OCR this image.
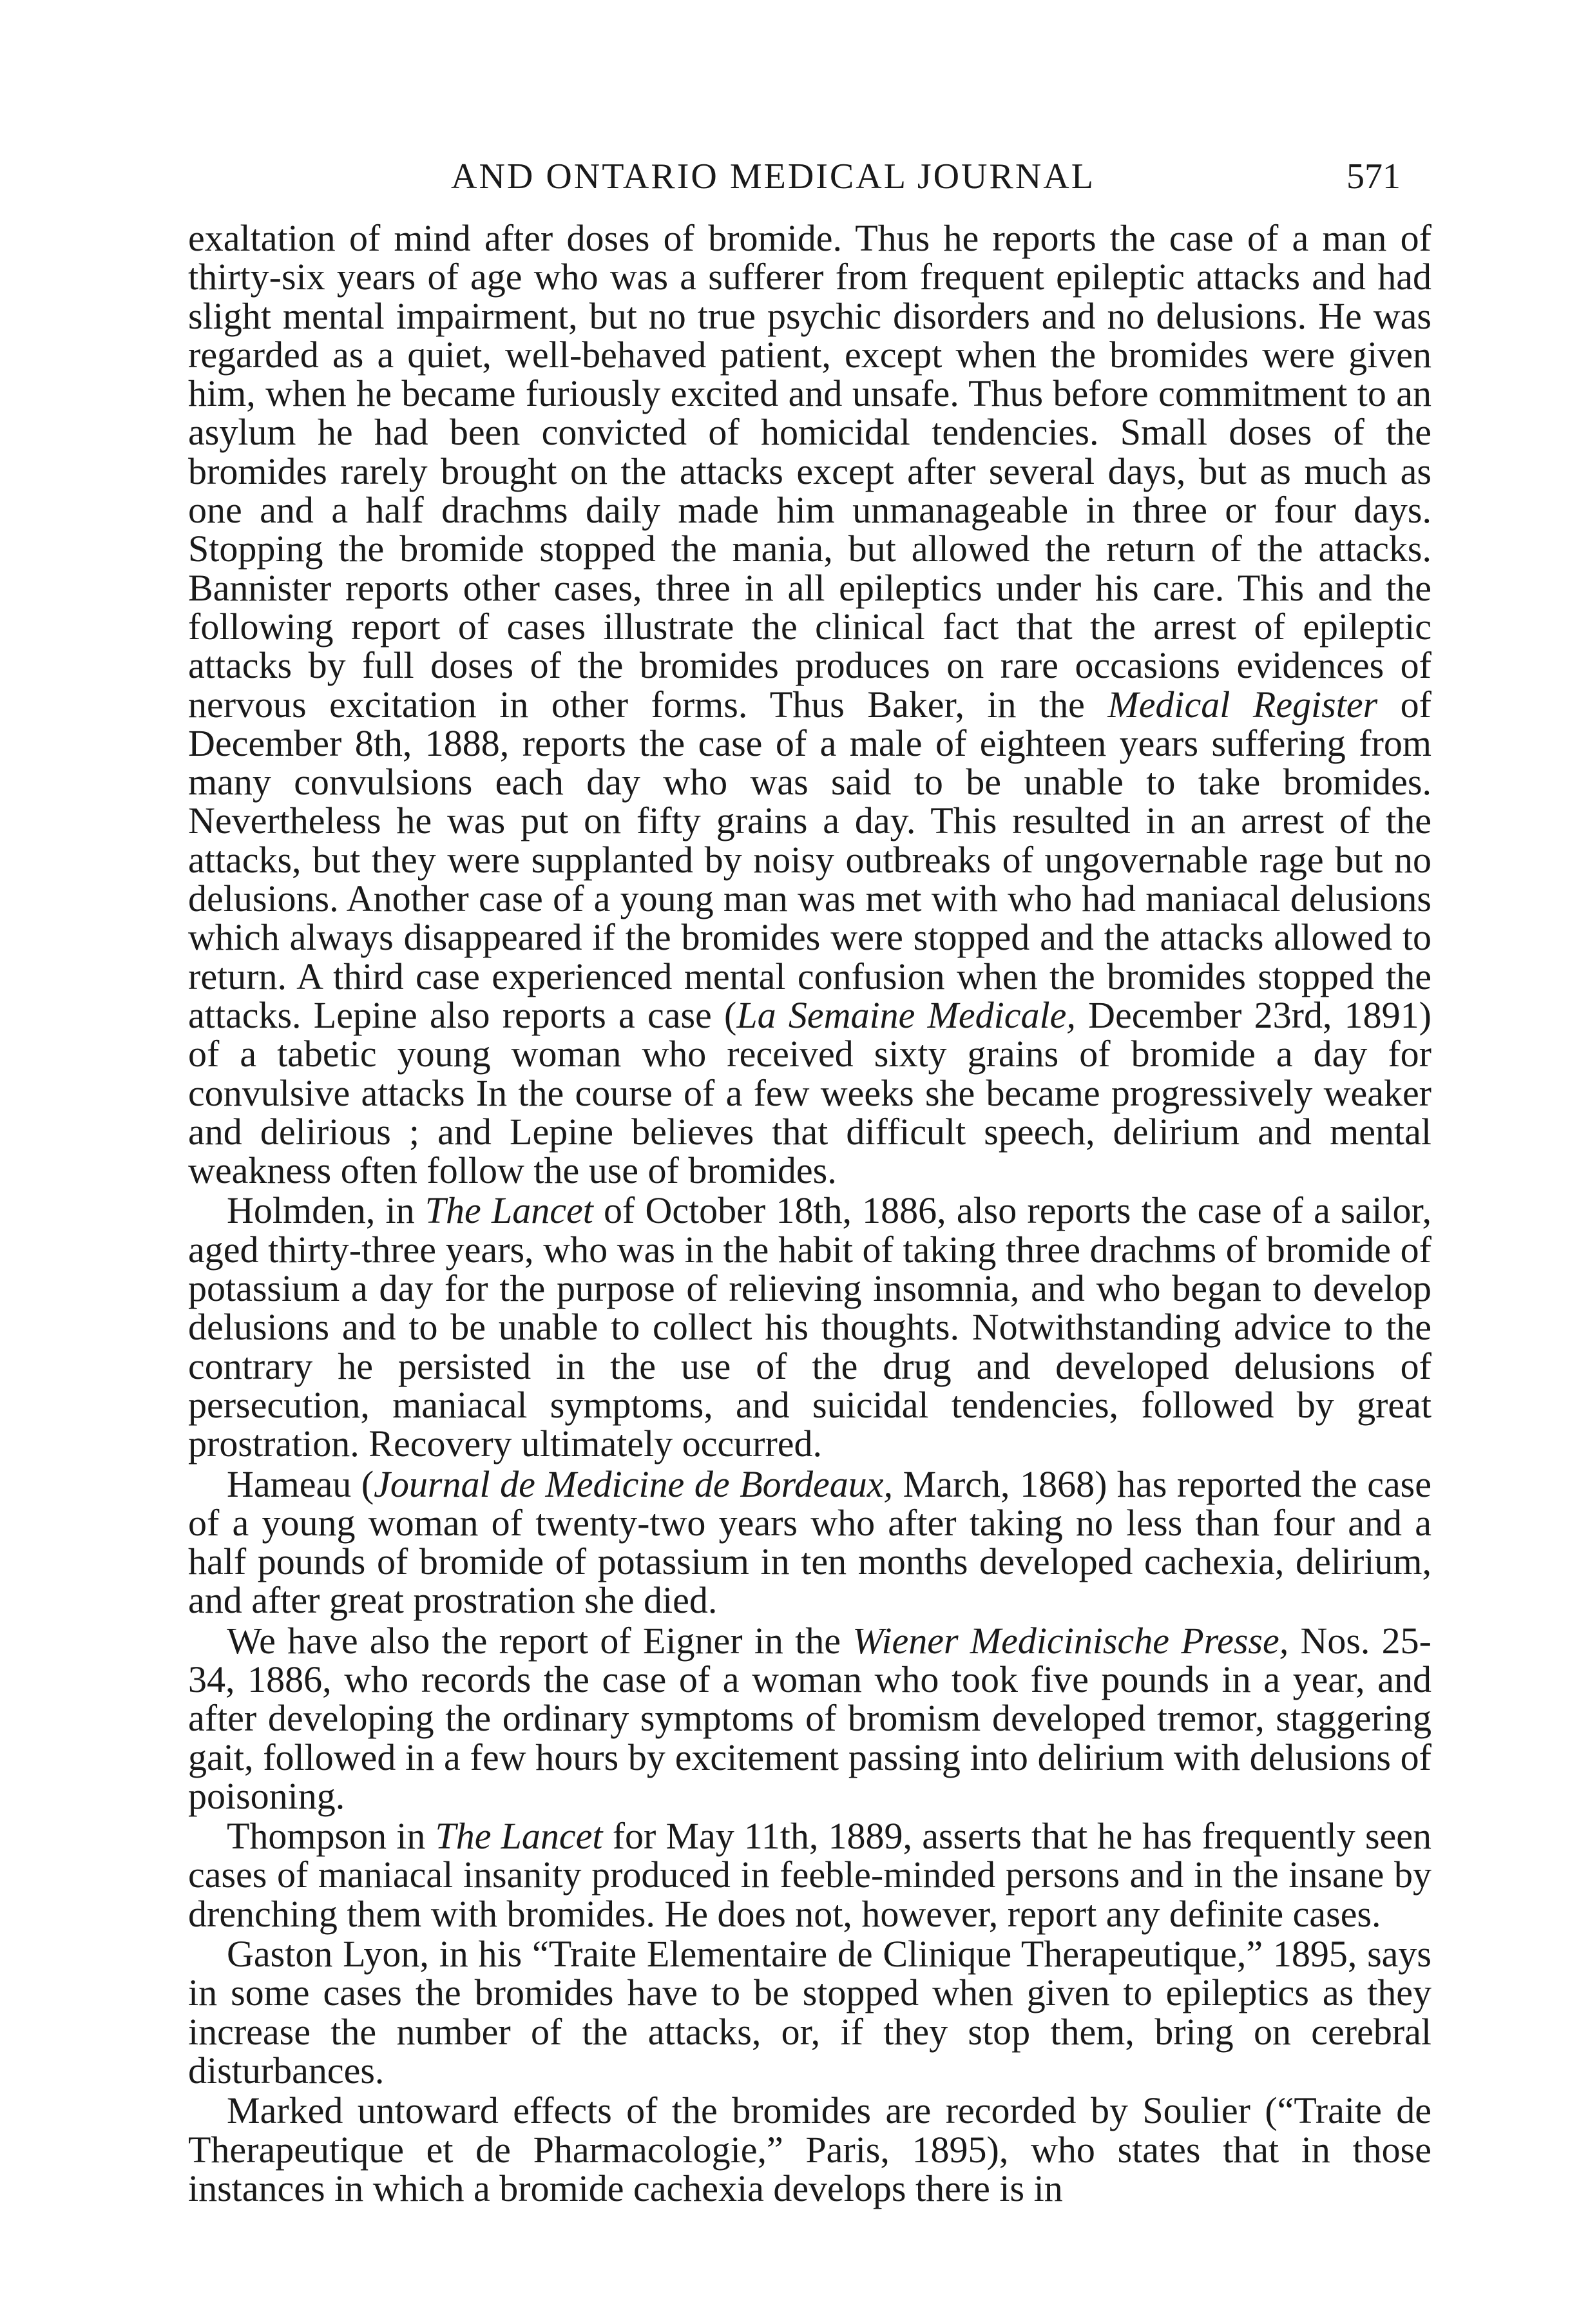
AND ONTARIO MEDICAL JOURNAL	571

exaltation of mind after doses of bromide. Thus he reports the case of a man of thirty-six years of age who was a sufferer from frequent epileptic attacks and had slight mental impairment, but no true psychic disorders and no delusions. He was regarded as a quiet, well-behaved patient, except when the bromides were given him, when he became furiously excited and unsafe. Thus before commitment to an asylum he had been convicted of homicidal tendencies. Small doses of the bromides rarely brought on the attacks except after several days, but as much as one and a half drachms daily made him unmanageable in three or four days. Stopping the bromide stopped the mania, but allowed the return of the attacks. Bannister reports other cases, three in all epileptics under his care. This and the following report of cases illustrate the clinical fact that the arrest of epileptic attacks by full doses of the bromides produces on rare occasions evidences of nervous excitation in other forms. Thus Baker, in the Medical Register of December 8th, 1888, reports the case of a male of eighteen years suffering from many convulsions each day who was said to be unable to take bromides. Nevertheless he was put on fifty grains a day. This resulted in an arrest of the attacks, but they were supplanted by noisy outbreaks of ungovernable rage but no delusions. Another case of a young man was met with who had maniacal delusions which always disappeared if the bromides were stopped and the attacks allowed to return. A third case experienced mental confusion when the bromides stopped the attacks. Lepine also reports a case (La Semaine Medicale, December 23rd, 1891) of a tabetic young woman who received sixty grains of bromide a day for convulsive attacks In the course of a few weeks she became progressively weaker and delirious ; and Lepine believes that difficult speech, delirium and mental weakness often follow the use of bromides.

Holmden, in The Lancet of October 18th, 1886, also reports the case of a sailor, aged thirty-three years, who was in the habit of taking three drachms of bromide of potassium a day for the purpose of relieving insomnia, and who began to develop delusions and to be unable to collect his thoughts. Notwithstanding advice to the contrary he persisted in the use of the drug and developed delusions of persecution, maniacal symptoms, and suicidal tendencies, followed by great prostration. Recovery ultimately occurred.

Hameau (Journal de Medicine de Bordeaux, March, 1868) has reported the case of a young woman of twenty-two years who after taking no less than four and a half pounds of bromide of potassium in ten months developed cachexia, delirium, and after great prostration she died.

We have also the report of Eigner in the Wiener Medicinische Presse, Nos. 25-34, 1886, who records the case of a woman who took five pounds in a year, and after developing the ordinary symptoms of bromism developed tremor, staggering gait, followed in a few hours by excitement passing into delirium with delusions of poisoning.

Thompson in The Lancet for May 11th, 1889, asserts that he has frequently seen cases of maniacal insanity produced in feeble-minded persons and in the insane by drenching them with bromides. He does not, however, report any definite cases.

Gaston Lyon, in his “Traite Elementaire de Clinique Therapeutique,” 1895, says in some cases the bromides have to be stopped when given to epileptics as they increase the number of the attacks, or, if they stop them, bring on cerebral disturbances.

Marked untoward effects of the bromides are recorded by Soulier (“Traite de Therapeutique et de Pharmacologie,” Paris, 1895), who states that in those instances in which a bromide cachexia develops there is in
